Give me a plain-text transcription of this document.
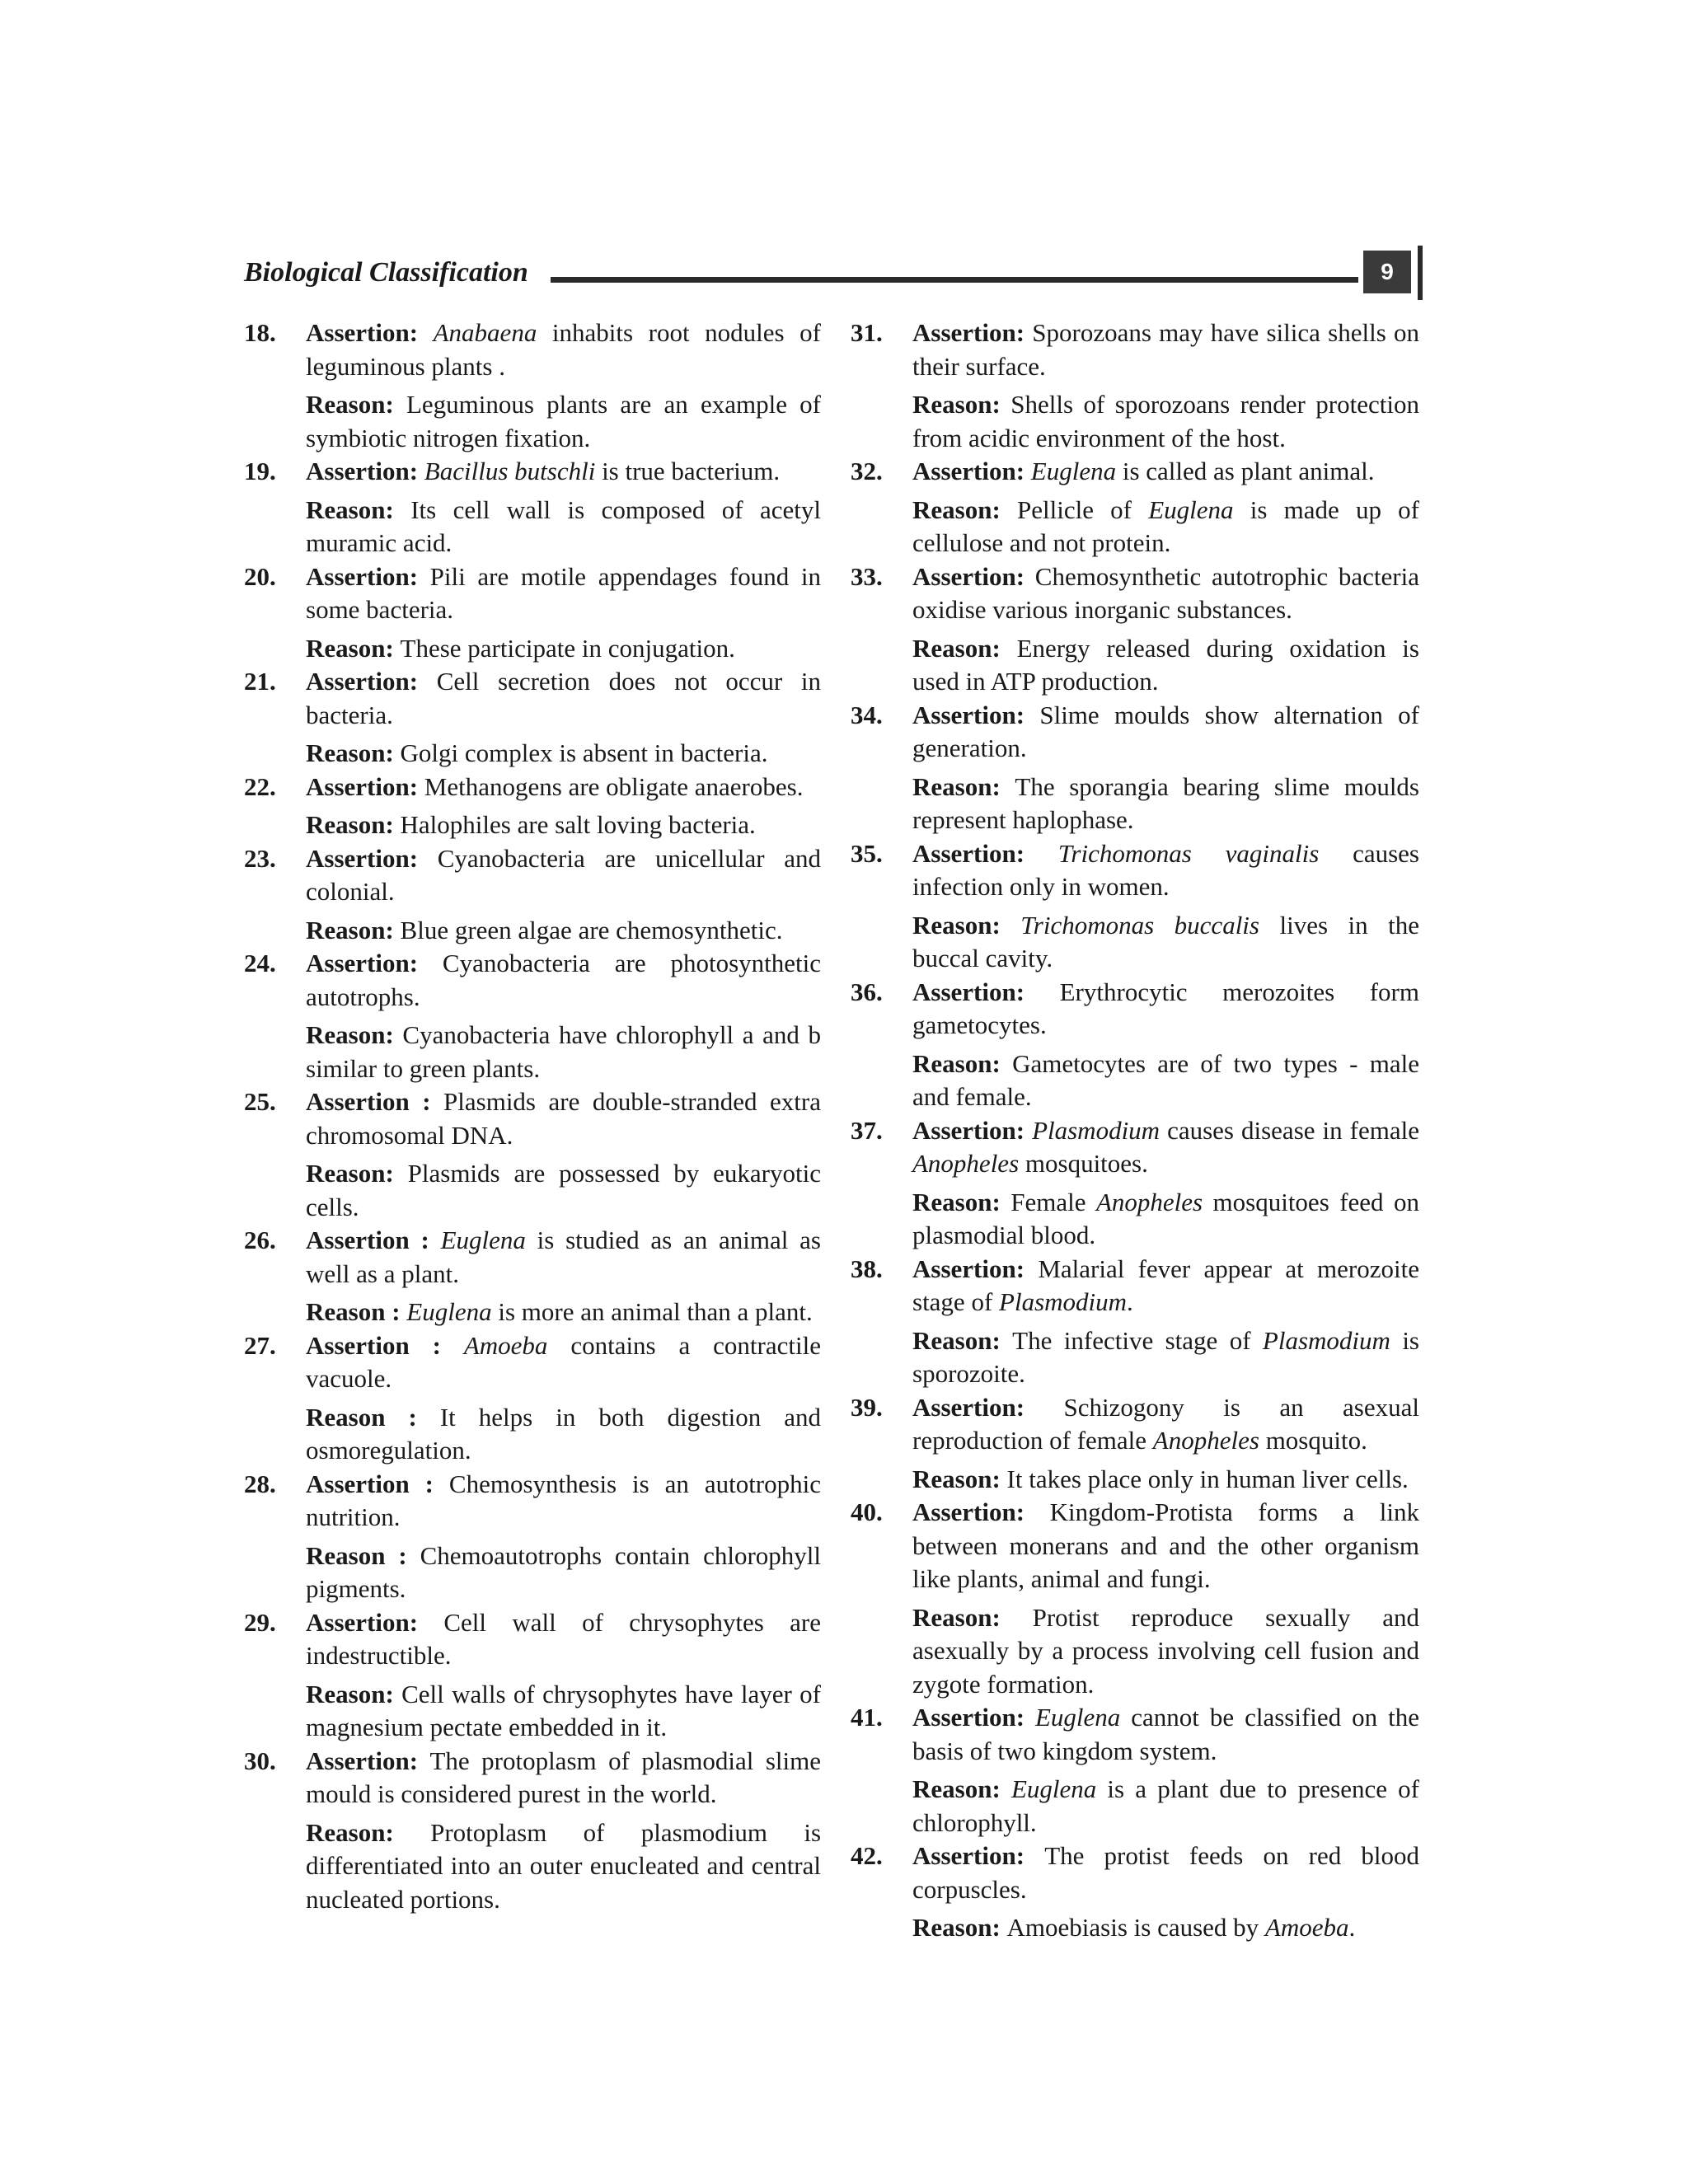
Biological Classification	9
18. Assertion: Anabaena inhabits root nodules of leguminous plants .

Reason: Leguminous plants are an example of symbiotic nitrogen fixation.

19. Assertion: Bacillus butschli is true bacterium.

Reason: Its cell wall is composed of acetyl muramic acid.

20. Assertion: Pili are motile appendages found in some bacteria.

Reason: These participate in conjugation.

21. Assertion: Cell secretion does not occur in bacteria.

Reason: Golgi complex is absent in bacteria.

22. Assertion: Methanogens are obligate anaerobes.

Reason: Halophiles are salt loving bacteria.

23. Assertion: Cyanobacteria are unicellular and colonial.

Reason: Blue green algae are chemosynthetic.

24. Assertion: Cyanobacteria are photosynthetic autotrophs.

Reason: Cyanobacteria have chlorophyll a and b similar to green plants.

25. Assertion : Plasmids are double-stranded extra chromosomal DNA.

Reason: Plasmids are possessed by eukaryotic cells.

26. Assertion : Euglena is studied as an animal as well as a plant.

Reason : Euglena is more an animal than a plant.

27. Assertion : Amoeba contains a contractile vacuole.

Reason : It helps in both digestion and osmoregulation.

28. Assertion : Chemosynthesis is an autotrophic nutrition.

Reason : Chemoautotrophs contain chlorophyll pigments.

29. Assertion: Cell wall of chrysophytes are indestructible.

Reason: Cell walls of chrysophytes have layer of magnesium pectate embedded in it.

30. Assertion: The protoplasm of plasmodial slime mould is considered purest in the world.

Reason: Protoplasm of plasmodium is differentiated into an outer enucleated and central nucleated portions.

31. Assertion: Sporozoans may have silica shells on their surface.

Reason: Shells of sporozoans render protection from acidic environment of the host.

32. Assertion: Euglena is called as plant animal.

Reason: Pellicle of Euglena is made up of cellulose and not protein.

33. Assertion: Chemosynthetic autotrophic bacteria oxidise various inorganic substances.

Reason: Energy released during oxidation is used in ATP production.

34. Assertion: Slime moulds show alternation of generation.

Reason: The sporangia bearing slime moulds represent haplophase.

35. Assertion: Trichomonas vaginalis causes infection only in women.

Reason: Trichomonas buccalis lives in the buccal cavity.

36. Assertion: Erythrocytic merozoites form gametocytes.

Reason: Gametocytes are of two types - male and female.

37. Assertion: Plasmodium causes disease in female Anopheles mosquitoes.

Reason: Female Anopheles mosquitoes feed on plasmodial blood.

38. Assertion: Malarial fever appear at merozoite stage of Plasmodium.

Reason: The infective stage of Plasmodium is sporozoite.

39. Assertion: Schizogony is an asexual reproduction of female Anopheles mosquito.

Reason: It takes place only in human liver cells.

40. Assertion: Kingdom-Protista forms a link between monerans and and the other organism like plants, animal and fungi.

Reason: Protist reproduce sexually and asexually by a process involving cell fusion and zygote formation.

41. Assertion: Euglena cannot be classified on the basis of two kingdom system.

Reason: Euglena is a plant due to presence of chlorophyll.

42. Assertion: The protist feeds on red blood corpuscles.

Reason: Amoebiasis is caused by Amoeba.
